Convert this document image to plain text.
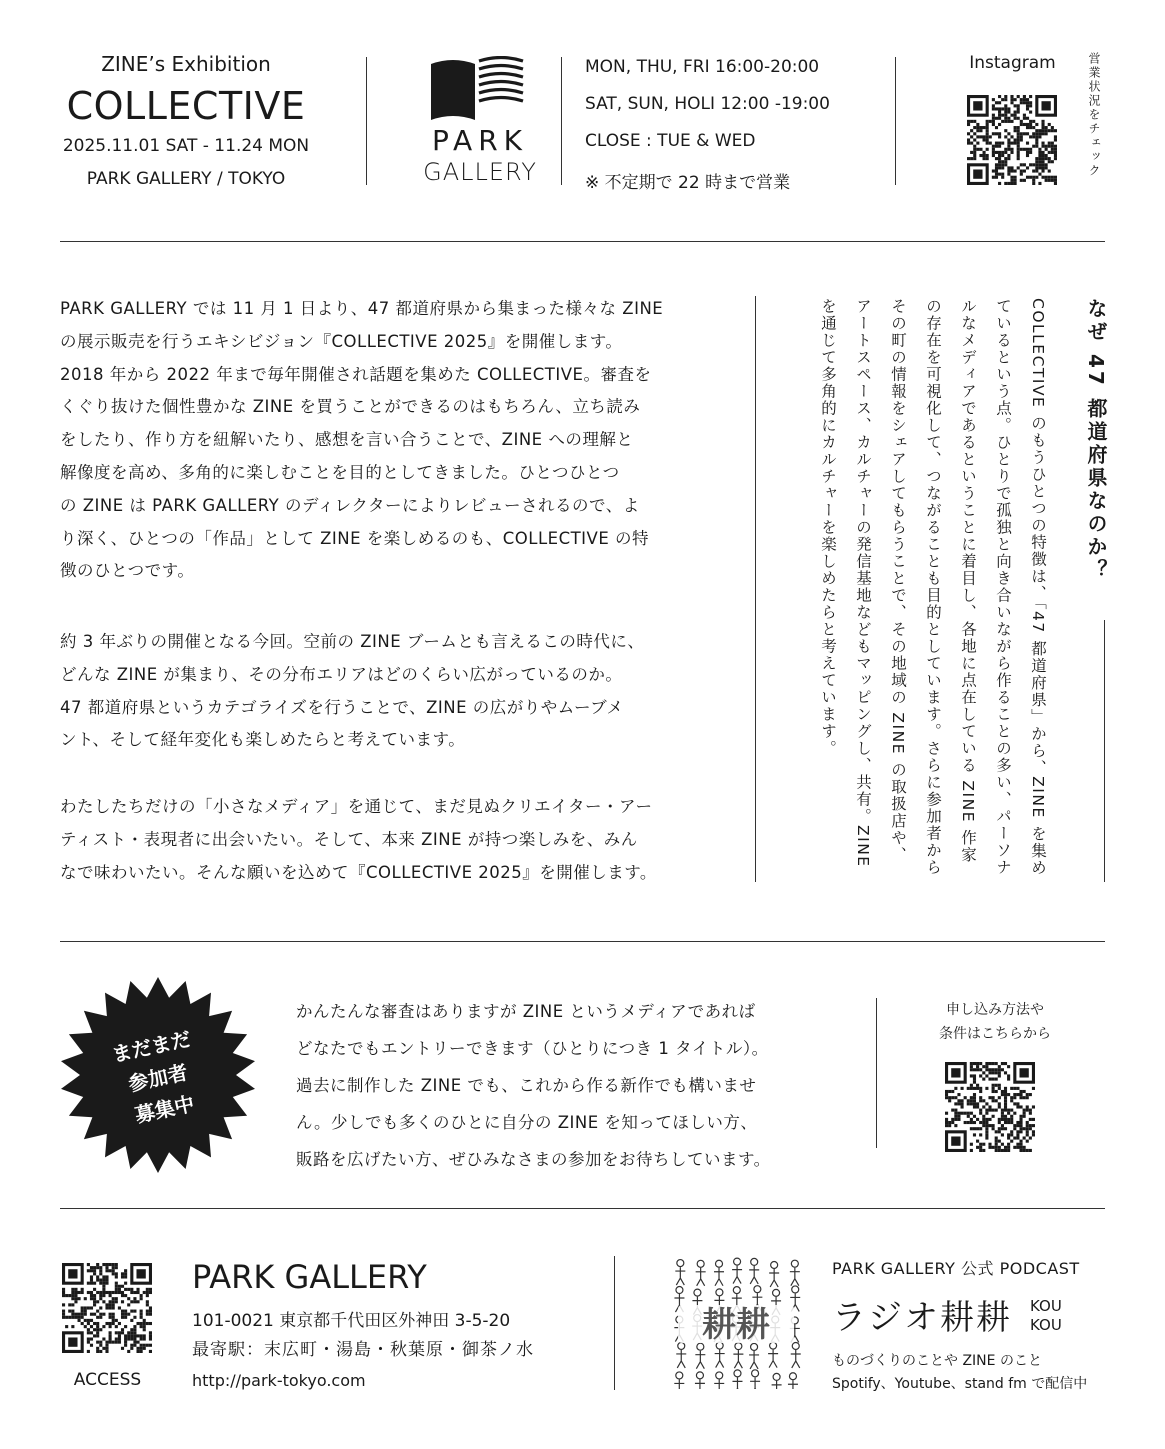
ZINE’s Exhibition
COLLECTIVE
2025.11.01 SAT - 11.24 MON
PARK GALLERY / TOKYO
PARK
GALLERY
MON, THU, FRI 16:00-20:00
SAT, SUN, HOLI 12:00 -19:00
CLOSE : TUE & WED
※ 不定期で 22 時まで営業
Instagram	営業状況をチェック
PARK GALLERY では 11 月 1 日より、47 都道府県から集まった様々な ZINE
の展示販売を行うエキシビジョン『COLLECTIVE 2025』を開催します。
2018 年から 2022 年まで毎年開催され話題を集めた COLLECTIVE。審査を
くぐり抜けた個性豊かな ZINE を買うことができるのはもちろん、立ち読み
をしたり、作り方を紐解いたり、感想を言い合うことで、ZINE への理解と
解像度を高め、多角的に楽しむことを目的としてきました。ひとつひとつ
の ZINE は PARK GALLERY のディレクターによりレビューされるので、よ
り深く、ひとつの「作品」として ZINE を楽しめるのも、COLLECTIVE の特
徴のひとつです。
約 3 年ぶりの開催となる今回。空前の ZINE ブームとも言えるこの時代に、
どんな ZINE が集まり、その分布エリアはどのくらい広がっているのか。
47 都道府県というカテゴライズを行うことで、ZINE の広がりやムーブメ
ント、そして経年変化も楽しめたらと考えています。
わたしたちだけの「小さなメディア」を通じて、まだ見ぬクリエイター・アー
ティスト・表現者に出会いたい。そして、本来 ZINE が持つ楽しみを、みん
なで味わいたい。そんな願いを込めて『COLLECTIVE 2025』を開催します。
なぜ 47 都道府県なのか？
COLLECTIVE のもうひとつの特徴は、「47 都道府県」から、ZINE を集めているという点。ひとりで孤独と向き合いながら作ることの多い、パーソナルなメディアであるということに着目し、各地に点在している ZINE 作家の存在を可視化して、つながることも目的としています。さらに参加者からその町の情報をシェアしてもらうことで、その地域の ZINE の取扱店や、アートスペース、カルチャーの発信基地などもマッピングし、共有。ZINE を通じて多角的にカルチャーを楽しめたらと考えています。
まだまだ
参加者
募集中
かんたんな審査はありますが ZINE というメディアであれば
どなたでもエントリーできます（ひとりにつき 1 タイトル）。
過去に制作した ZINE でも、これから作る新作でも構いませ
ん。少しでも多くのひとに自分の ZINE を知ってほしい方、
販路を広げたい方、ぜひみなさまの参加をお待ちしています。
申し込み方法や
条件はこちらから
ACCESS
PARK GALLERY
101-0021 東京都千代田区外神田 3-5-20
最寄駅：末広町・湯島・秋葉原・御茶ノ水
http://park-tokyo.com
耕耕
PARK GALLERY 公式 PODCAST
ラジオ耕耕 KOU
KOU
ものづくりのことや ZINE のこと
Spotify、Youtube、stand fm で配信中
